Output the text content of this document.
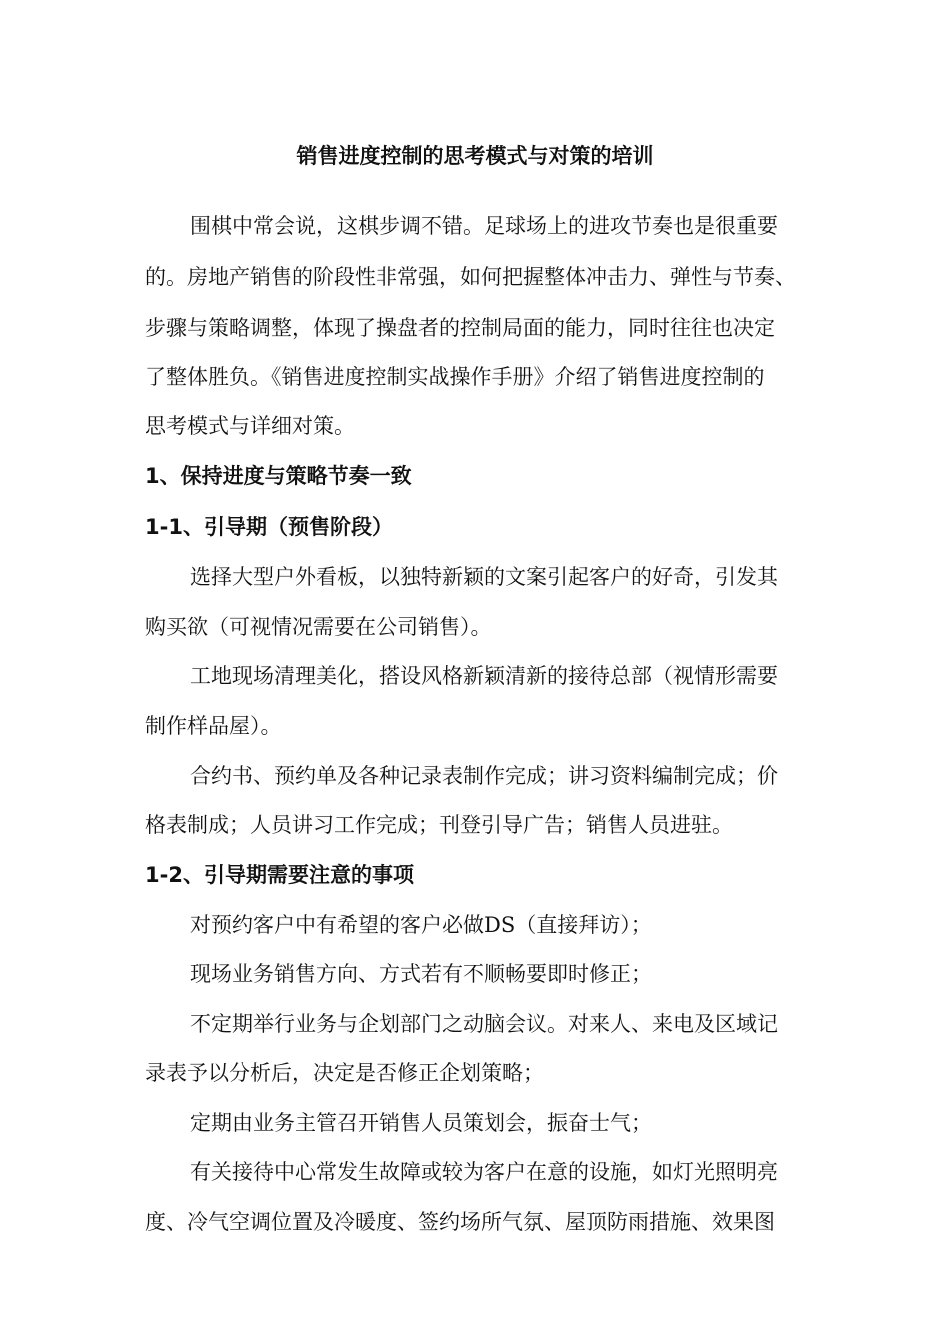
销售进度控制的思考模式与对策的培训
围棋中常会说，这棋步调不错。足球场上的进攻节奏也是很重要
的。房地产销售的阶段性非常强，如何把握整体冲击力、弹性与节奏、
步骤与策略调整，体现了操盘者的控制局面的能力，同时往往也决定
了整体胜负。《销售进度控制实战操作手册》介绍了销售进度控制的
思考模式与详细对策。
1、保持进度与策略节奏一致
1-1、引导期（预售阶段）
选择大型户外看板，以独特新颖的文案引起客户的好奇，引发其
购买欲（可视情况需要在公司销售）。
工地现场清理美化，搭设风格新颖清新的接待总部（视情形需要
制作样品屋）。
合约书、预约单及各种记录表制作完成；讲习资料编制完成；价
格表制成；人员讲习工作完成；刊登引导广告；销售人员进驻。
1-2、引导期需要注意的事项
对预约客户中有希望的客户必做DS（直接拜访）；
现场业务销售方向、方式若有不顺畅要即时修正；
不定期举行业务与企划部门之动脑会议。对来人、来电及区域记
录表予以分析后，决定是否修正企划策略；
定期由业务主管召开销售人员策划会，振奋士气；
有关接待中心常发生故障或较为客户在意的设施，如灯光照明亮
度、冷气空调位置及冷暖度、签约场所气氛、屋顶防雨措施、效果图
